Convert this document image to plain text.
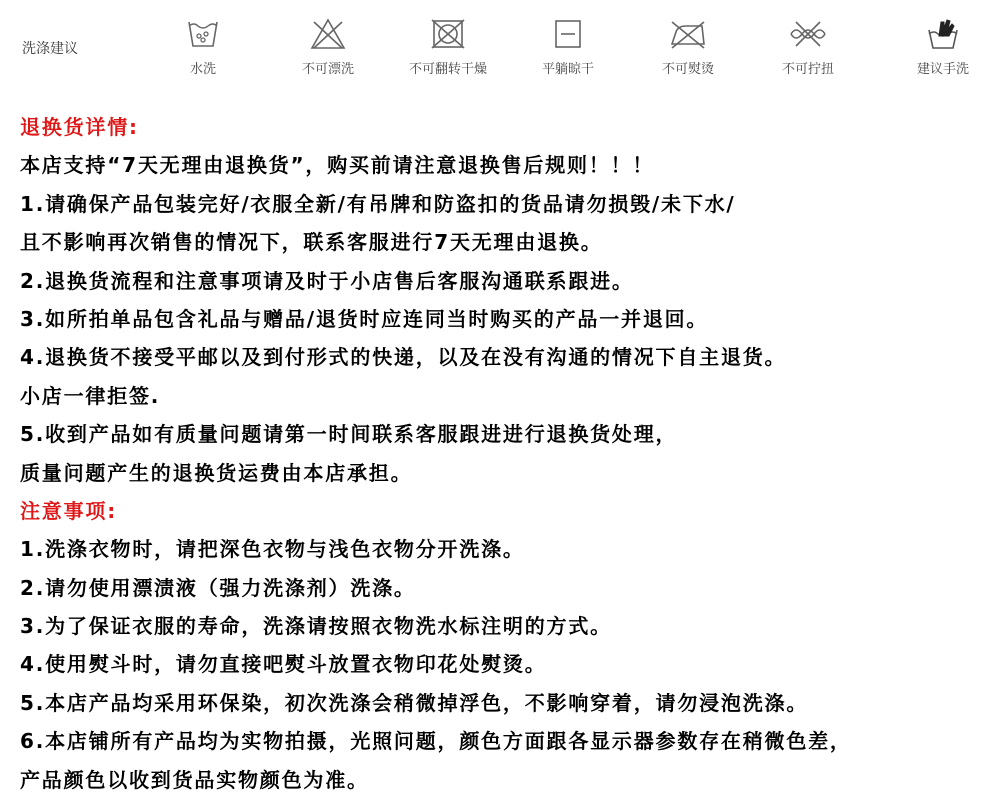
洗涤建议
水洗	不可漂洗	不可翻转干燥	平躺晾干	不可熨烫	不可拧扭	建议手洗
退换货详情:
本店支持“7天无理由退换货”，购买前请注意退换售后规则！！！
1.请确保产品包装完好/衣服全新/有吊牌和防盗扣的货品请勿损毁/未下水/
且不影响再次销售的情况下，联系客服进行7天无理由退换。
2.退换货流程和注意事项请及时于小店售后客服沟通联系跟进。
3.如所拍单品包含礼品与赠品/退货时应连同当时购买的产品一并退回。
4.退换货不接受平邮以及到付形式的快递，以及在没有沟通的情况下自主退货。
小店一律拒签.
5.收到产品如有质量问题请第一时间联系客服跟进进行退换货处理，
质量问题产生的退换货运费由本店承担。
注意事项:
1.洗涤衣物时，请把深色衣物与浅色衣物分开洗涤。
2.请勿使用漂渍液（强力洗涤剂）洗涤。
3.为了保证衣服的寿命，洗涤请按照衣物洗水标注明的方式。
4.使用熨斗时，请勿直接吧熨斗放置衣物印花处熨烫。
5.本店产品均采用环保染，初次洗涤会稍微掉浮色，不影响穿着，请勿浸泡洗涤。
6.本店铺所有产品均为实物拍摄，光照问题，颜色方面跟各显示器参数存在稍微色差，
产品颜色以收到货品实物颜色为准。
